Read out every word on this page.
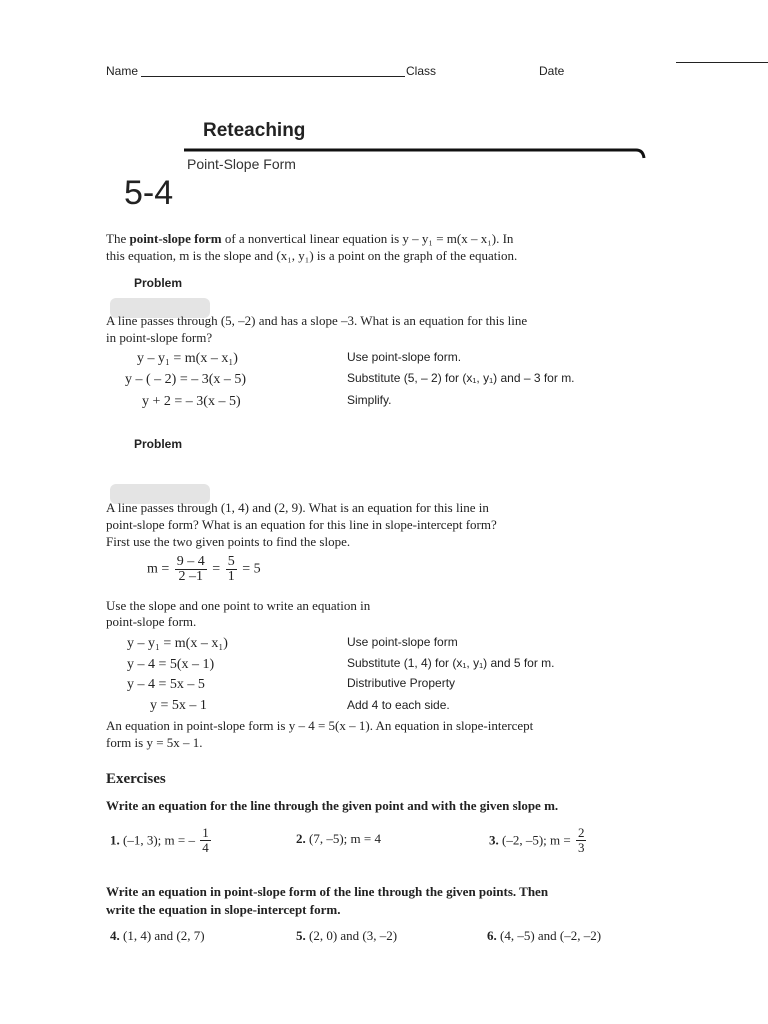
Name	Class	Date
Reteaching
Point-Slope Form
5-4
The point-slope form of a nonvertical linear equation is y – y₁ = m(x – x₁). In
this equation, m is the slope and (x₁, y₁) is a point on the graph of the equation.
Problem
A line passes through (5, –2) and has a slope –3. What is an equation for this line
in point-slope form?
y – y₁ = m(x – x₁)	Use point-slope form.
y – ( – 2) = – 3(x – 5)	Substitute (5, – 2) for (x₁, y₁) and – 3 for m.
y + 2 = – 3(x – 5)	Simplify.
Problem
A line passes through (1, 4) and (2, 9). What is an equation for this line in
point-slope form? What is an equation for this line in slope-intercept form?
First use the two given points to find the slope.
$m = \frac{9 - 4}{2 -1} = \frac{5}{1} = 5$
Use the slope and one point to write an equation in
point-slope form.
y – y₁ = m(x – x₁)	Use point-slope form
y – 4 = 5(x – 1)	Substitute (1, 4) for (x₁, y₁) and 5 for m.
y – 4 = 5x – 5	Distributive Property
y = 5x – 1	Add 4 to each side.
An equation in point-slope form is y – 4 = 5(x – 1). An equation in slope-intercept
form is y = 5x – 1.
Exercises
Write an equation for the line through the given point and with the given slope m.
1. (–1, 3); m = – $\frac{1}{4}$	2. (7, –5); m = 4	3. (–2, –5); $m = \frac{2}{3}$
Write an equation in point-slope form of the line through the given points. Then
write the equation in slope-intercept form.
4. (1, 4) and (2, 7)	5. (2, 0) and (3, –2)	6. (4, –5) and (–2, –2)
